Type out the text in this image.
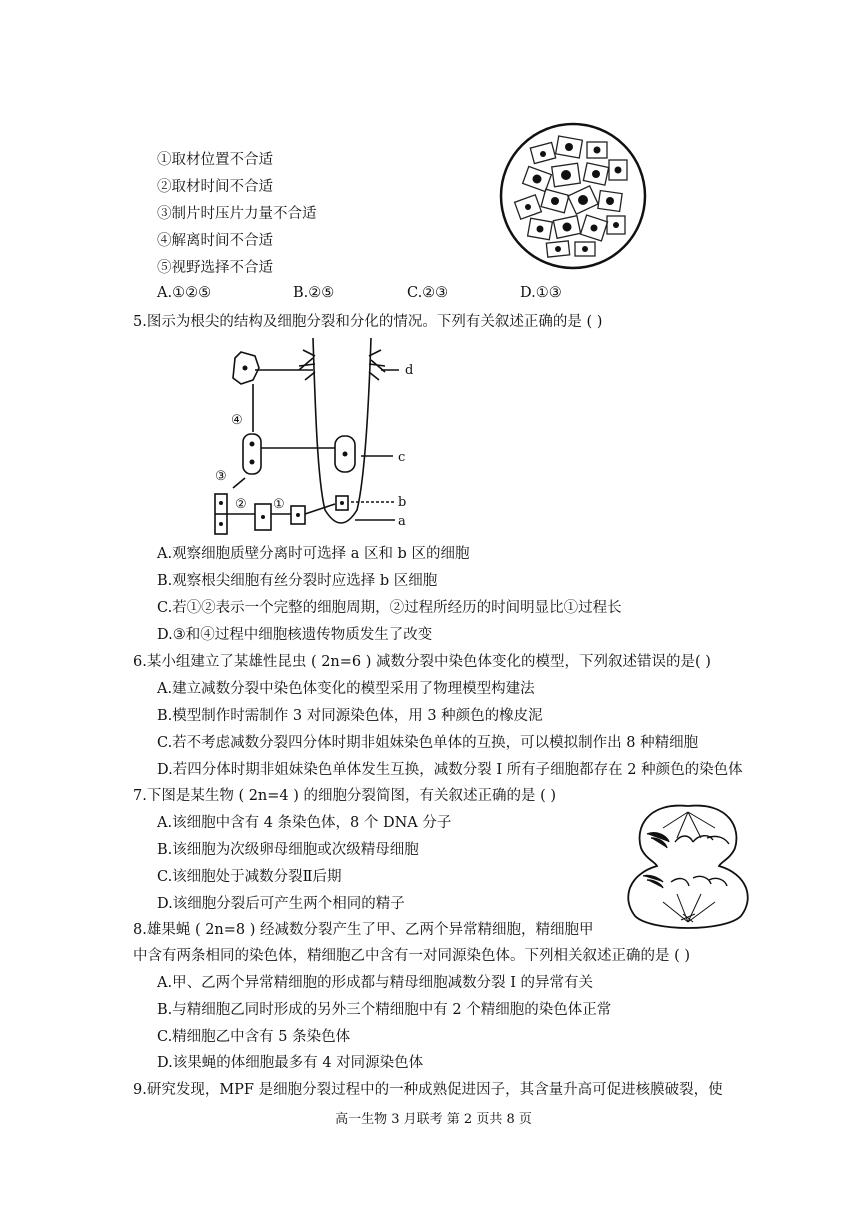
①取材位置不合适
②取材时间不合适
③制片时压片力量不合适
④解离时间不合适
⑤视野选择不合适
A.①②⑤	B.②⑤	C.②③	D.①③
5.图示为根尖的结构及细胞分裂和分化的情况。下列有关叙述正确的是 ( )
d
c
b
a
①
②
③
④
A.观察细胞质壁分离时可选择 a 区和 b 区的细胞
B.观察根尖细胞有丝分裂时应选择 b 区细胞
C.若①②表示一个完整的细胞周期，②过程所经历的时间明显比①过程长
D.③和④过程中细胞核遗传物质发生了改变
6.某小组建立了某雄性昆虫 ( 2n=6 ) 减数分裂中染色体变化的模型，下列叙述错误的是( )
A.建立减数分裂中染色体变化的模型采用了物理模型构建法
B.模型制作时需制作 3 对同源染色体，用 3 种颜色的橡皮泥
C.若不考虑减数分裂四分体时期非姐妹染色单体的互换，可以模拟制作出 8 种精细胞
D.若四分体时期非姐妹染色单体发生互换，减数分裂 I 所有子细胞都存在 2 种颜色的染色体
7.下图是某生物 ( 2n=4 ) 的细胞分裂简图，有关叙述正确的是 ( )
A.该细胞中含有 4 条染色体，8 个 DNA 分子
B.该细胞为次级卵母细胞或次级精母细胞
C.该细胞处于减数分裂Ⅱ后期
D.该细胞分裂后可产生两个相同的精子
8.雄果蝇 ( 2n=8 ) 经减数分裂产生了甲、乙两个异常精细胞，精细胞甲
中含有两条相同的染色体，精细胞乙中含有一对同源染色体。下列相关叙述正确的是 ( )
A.甲、乙两个异常精细胞的形成都与精母细胞减数分裂 I 的异常有关
B.与精细胞乙同时形成的另外三个精细胞中有 2 个精细胞的染色体正常
C.精细胞乙中含有 5 条染色体
D.该果蝇的体细胞最多有 4 对同源染色体
9.研究发现，MPF 是细胞分裂过程中的一种成熟促进因子，其含量升高可促进核膜破裂，使
高一生物 3 月联考 第 2 页共 8 页
